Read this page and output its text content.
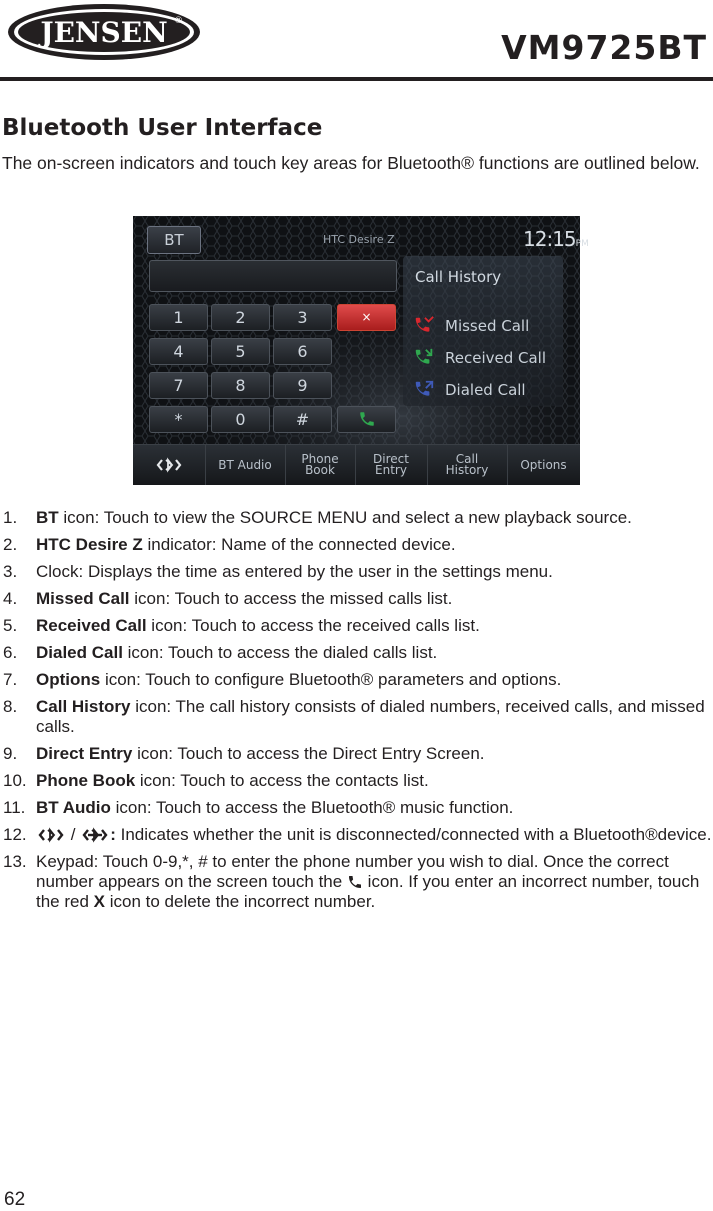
JENSEN ®
VM9725BT
Bluetooth User Interface
The on-screen indicators and touch key areas for Bluetooth® functions are outlined below.
BT	HTC Desire Z	12:15PM
1	2	3	×
4	5	6
7	8	9
*	0	#
Call History
Missed Call
Received Call
Dialed Call
BT Audio	Phone
Book
Direct
Entry
Call
History	Options
1. BT icon: Touch to view the SOURCE MENU and select a new playback source.
2. HTC Desire Z indicator: Name of the connected device.
3. Clock: Displays the time as entered by the user in the settings menu.
4. Missed Call icon: Touch to access the missed calls list.
5. Received Call icon: Touch to access the received calls list.
6. Dialed Call icon: Touch to access the dialed calls list.
7. Options icon: Touch to configure Bluetooth® parameters and options.
8. Call History icon: The call history consists of dialed numbers, received calls, and missed calls.
9. Direct Entry icon: Touch to access the Direct Entry Screen.
10. Phone Book icon: Touch to access the contacts list.
11. BT Audio icon: Touch to access the Bluetooth® music function.
12.	/ : Indicates whether the unit is disconnected/connected with a Bluetooth®device.
13. Keypad: Touch 0-9,*, # to enter the phone number you wish to dial. Once the correct number appears on the screen touch the  icon. If you enter an incorrect number, touch the red X icon to delete the incorrect number.
62
